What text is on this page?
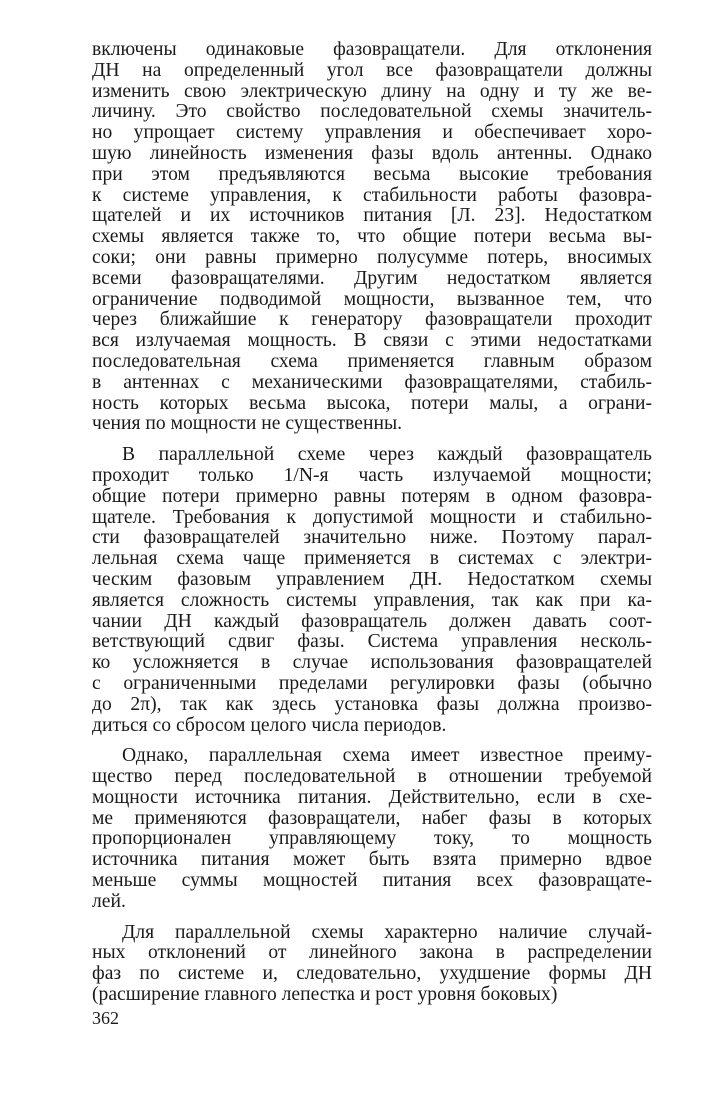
включены одинаковые фазовращатели. Для отклонения
ДН на определенный угол все фазовращатели должны
изменить свою электрическую длину на одну и ту же ве-
личину. Это свойство последовательной схемы значитель-
но упрощает систему управления и обеспечивает хоро-
шую линейность изменения фазы вдоль антенны. Однако
при этом предъявляются весьма высокие требования
к системе управления, к стабильности работы фазовра-
щателей и их источников питания [Л. 23]. Недостатком
схемы является также то, что общие потери весьма вы-
соки; они равны примерно полусумме потерь, вносимых
всеми фазовращателями. Другим недостатком является
ограничение подводимой мощности, вызванное тем, что
через ближайшие к генератору фазовращатели проходит
вся излучаемая мощность. В связи с этими недостатками
последовательная схема применяется главным образом
в антеннах с механическими фазовращателями, стабиль-
ность которых весьма высока, потери малы, а ограни-
чения по мощности не существенны.

В параллельной схеме через каждый фазовращатель
проходит только 1/N-я часть излучаемой мощности;
общие потери примерно равны потерям в одном фазовра-
щателе. Требования к допустимой мощности и стабильно-
сти фазовращателей значительно ниже. Поэтому парал-
лельная схема чаще применяется в системах с электри-
ческим фазовым управлением ДН. Недостатком схемы
является сложность системы управления, так как при ка-
чании ДН каждый фазовращатель должен давать соот-
ветствующий сдвиг фазы. Система управления несколь-
ко усложняется в случае использования фазовращателей
с ограниченными пределами регулировки фазы (обычно
до 2π), так как здесь установка фазы должна произво-
диться со сбросом целого числа периодов.

Однако, параллельная схема имеет известное преиму-
щество перед последовательной в отношении требуемой
мощности источника питания. Действительно, если в схе-
ме применяются фазовращатели, набег фазы в которых
пропорционален управляющему току, то мощность
источника питания может быть взята примерно вдвое
меньше суммы мощностей питания всех фазовращате-
лей.

Для параллельной схемы характерно наличие случай-
ных отклонений от линейного закона в распределении
фаз по системе и, следовательно, ухудшение формы ДН
(расширение главного лепестка и рост уровня боковых)

362
